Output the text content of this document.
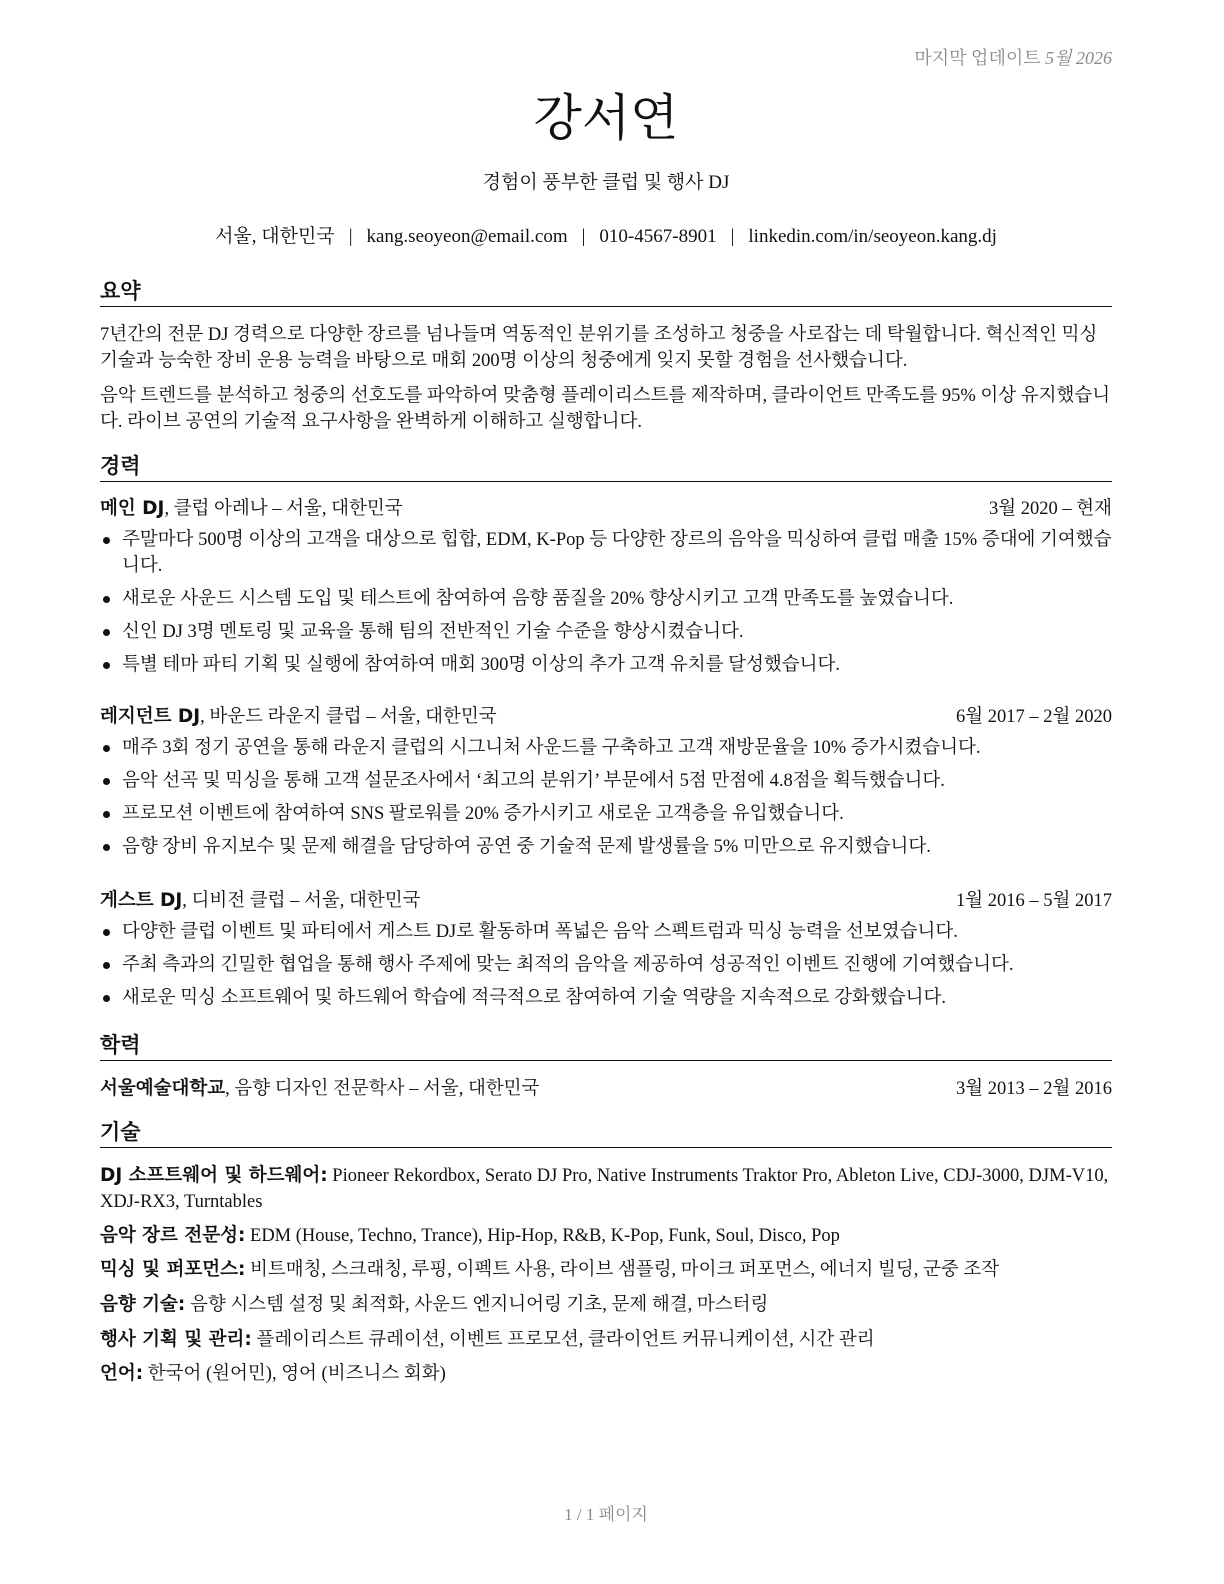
마지막 업데이트 5월 2026
강서연
경험이 풍부한 클럽 및 행사 DJ
서울, 대한민국 | kang.seoyeon@email.com | 010-4567-8901 | linkedin.com/in/seoyeon.kang.dj
요약
7년간의 전문 DJ 경력으로 다양한 장르를 넘나들며 역동적인 분위기를 조성하고 청중을 사로잡는 데 탁월합니다. 혁신적인 믹싱 기술과 능숙한 장비 운용 능력을 바탕으로 매회 200명 이상의 청중에게 잊지 못할 경험을 선사했습니다.
음악 트렌드를 분석하고 청중의 선호도를 파악하여 맞춤형 플레이리스트를 제작하며, 클라이언트 만족도를 95% 이상 유지했습니다. 라이브 공연의 기술적 요구사항을 완벽하게 이해하고 실행합니다.
경력
메인 DJ, 클럽 아레나 – 서울, 대한민국	3월 2020 – 현재
주말마다 500명 이상의 고객을 대상으로 힙합, EDM, K-Pop 등 다양한 장르의 음악을 믹싱하여 클럽 매출 15% 증대에 기여했습니다.
새로운 사운드 시스템 도입 및 테스트에 참여하여 음향 품질을 20% 향상시키고 고객 만족도를 높였습니다.
신인 DJ 3명 멘토링 및 교육을 통해 팀의 전반적인 기술 수준을 향상시켰습니다.
특별 테마 파티 기획 및 실행에 참여하여 매회 300명 이상의 추가 고객 유치를 달성했습니다.
레지던트 DJ, 바운드 라운지 클럽 – 서울, 대한민국	6월 2017 – 2월 2020
매주 3회 정기 공연을 통해 라운지 클럽의 시그니처 사운드를 구축하고 고객 재방문율을 10% 증가시켰습니다.
음악 선곡 및 믹싱을 통해 고객 설문조사에서 ‘최고의 분위기’ 부문에서 5점 만점에 4.8점을 획득했습니다.
프로모션 이벤트에 참여하여 SNS 팔로워를 20% 증가시키고 새로운 고객층을 유입했습니다.
음향 장비 유지보수 및 문제 해결을 담당하여 공연 중 기술적 문제 발생률을 5% 미만으로 유지했습니다.
게스트 DJ, 디비전 클럽 – 서울, 대한민국	1월 2016 – 5월 2017
다양한 클럽 이벤트 및 파티에서 게스트 DJ로 활동하며 폭넓은 음악 스펙트럼과 믹싱 능력을 선보였습니다.
주최 측과의 긴밀한 협업을 통해 행사 주제에 맞는 최적의 음악을 제공하여 성공적인 이벤트 진행에 기여했습니다.
새로운 믹싱 소프트웨어 및 하드웨어 학습에 적극적으로 참여하여 기술 역량을 지속적으로 강화했습니다.
학력
서울예술대학교, 음향 디자인 전문학사 – 서울, 대한민국	3월 2013 – 2월 2016
기술
DJ 소프트웨어 및 하드웨어: Pioneer Rekordbox, Serato DJ Pro, Native Instruments Traktor Pro, Ableton Live, CDJ-3000, DJM-V10, XDJ-RX3, Turntables
음악 장르 전문성: EDM (House, Techno, Trance), Hip-Hop, R&B, K-Pop, Funk, Soul, Disco, Pop
믹싱 및 퍼포먼스: 비트매칭, 스크래칭, 루핑, 이펙트 사용, 라이브 샘플링, 마이크 퍼포먼스, 에너지 빌딩, 군중 조작
음향 기술: 음향 시스템 설정 및 최적화, 사운드 엔지니어링 기초, 문제 해결, 마스터링
행사 기획 및 관리: 플레이리스트 큐레이션, 이벤트 프로모션, 클라이언트 커뮤니케이션, 시간 관리
언어: 한국어 (원어민), 영어 (비즈니스 회화)
1 / 1 페이지
